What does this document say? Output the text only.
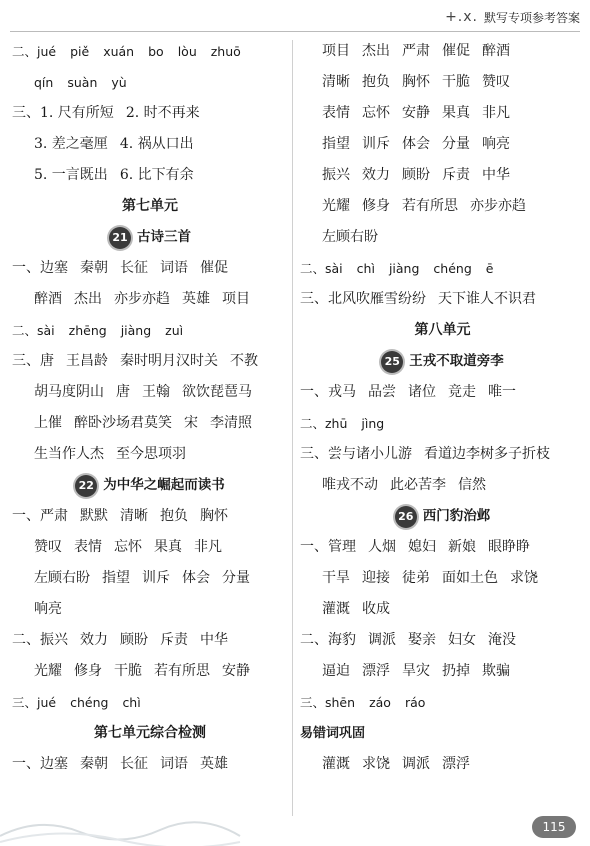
+.x. 默写专项参考答案
二、jué piě xuán bo lòu zhuō
qín suàn yù
三、1. 尺有所短 2. 时不再来
3. 差之毫厘 4. 祸从口出
5. 一言既出 6. 比下有余
第七单元
21 古诗三首
一、边塞 秦朝 长征 词语 催促
醉酒 杰出 亦步亦趋 英雄 项目
二、sài zhēng jiàng zuì
三、唐 王昌龄 秦时明月汉时关 不教
胡马度阴山 唐 王翰 欲饮琵琶马
上催 醉卧沙场君莫笑 宋 李清照
生当作人杰 至今思项羽
22 为中华之崛起而读书
一、严肃 默默 清晰 抱负 胸怀
赞叹 表情 忘怀 果真 非凡
左顾右盼 指望 训斥 体会 分量
响亮
二、振兴 效力 顾盼 斥责 中华
光耀 修身 干脆 若有所思 安静
三、jué chéng chì
第七单元综合检测
一、边塞 秦朝 长征 词语 英雄
项目 杰出 严肃 催促 醉酒
清晰 抱负 胸怀 干脆 赞叹
表情 忘怀 安静 果真 非凡
指望 训斥 体会 分量 响亮
振兴 效力 顾盼 斥责 中华
光耀 修身 若有所思 亦步亦趋
左顾右盼
二、sài chì jiàng chéng ē
三、北风吹雁雪纷纷 天下谁人不识君
第八单元
25 王戎不取道旁李
一、戎马 品尝 诸位 竞走 唯一
二、zhū jìng
三、尝与诸小儿游 看道边李树多子折枝
唯戎不动 此必苦李 信然
26 西门豹治邺
一、管理 人烟 媳妇 新娘 眼睁睁
干旱 迎接 徒弟 面如土色 求饶
灌溉 收成
二、海豹 调派 娶亲 妇女 淹没
逼迫 漂浮 旱灾 扔掉 欺骗
三、shēn záo ráo
易错词巩固
灌溉 求饶 调派 漂浮
115
